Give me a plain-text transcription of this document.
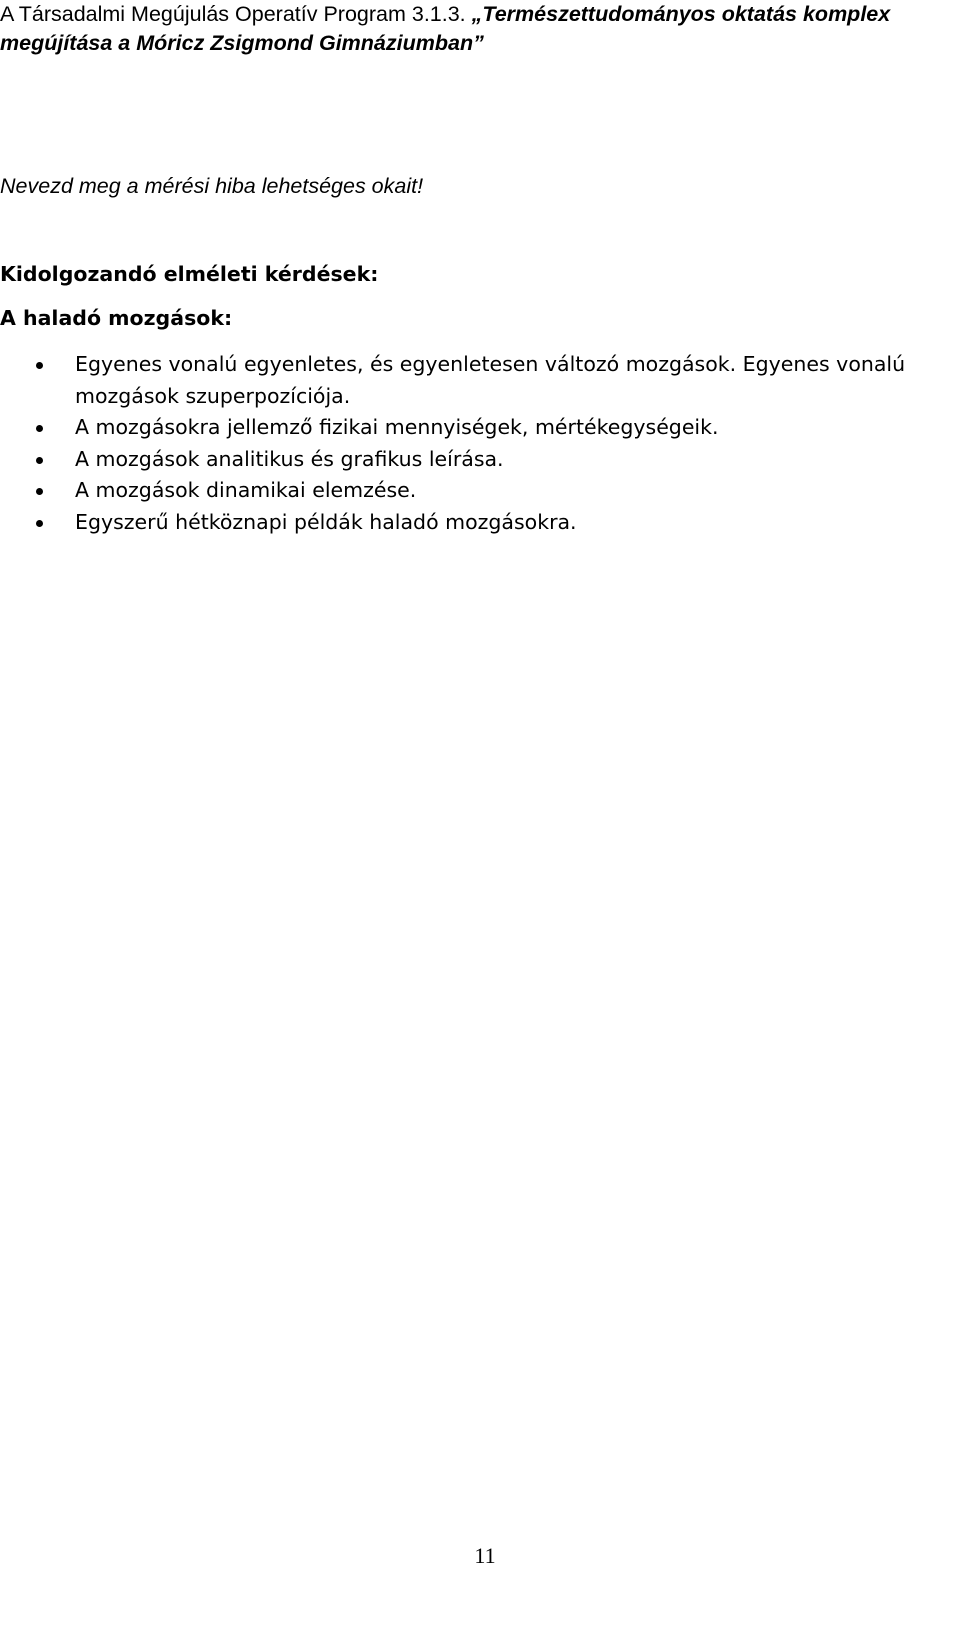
A Társadalmi Megújulás Operatív Program 3.1.3. „Természettudományos oktatás komplex megújítása a Móricz Zsigmond Gimnáziumban”
Nevezd meg a mérési hiba lehetséges okait!
Kidolgozandó elméleti kérdések:
A haladó mozgások:
Egyenes vonalú egyenletes, és egyenletesen változó mozgások. Egyenes vonalú mozgások szuperpozíciója.
A mozgásokra jellemző fizikai mennyiségek, mértékegységeik.
A mozgások analitikus és grafikus leírása.
A mozgások dinamikai elemzése.
Egyszerű hétköznapi példák haladó mozgásokra.
11
